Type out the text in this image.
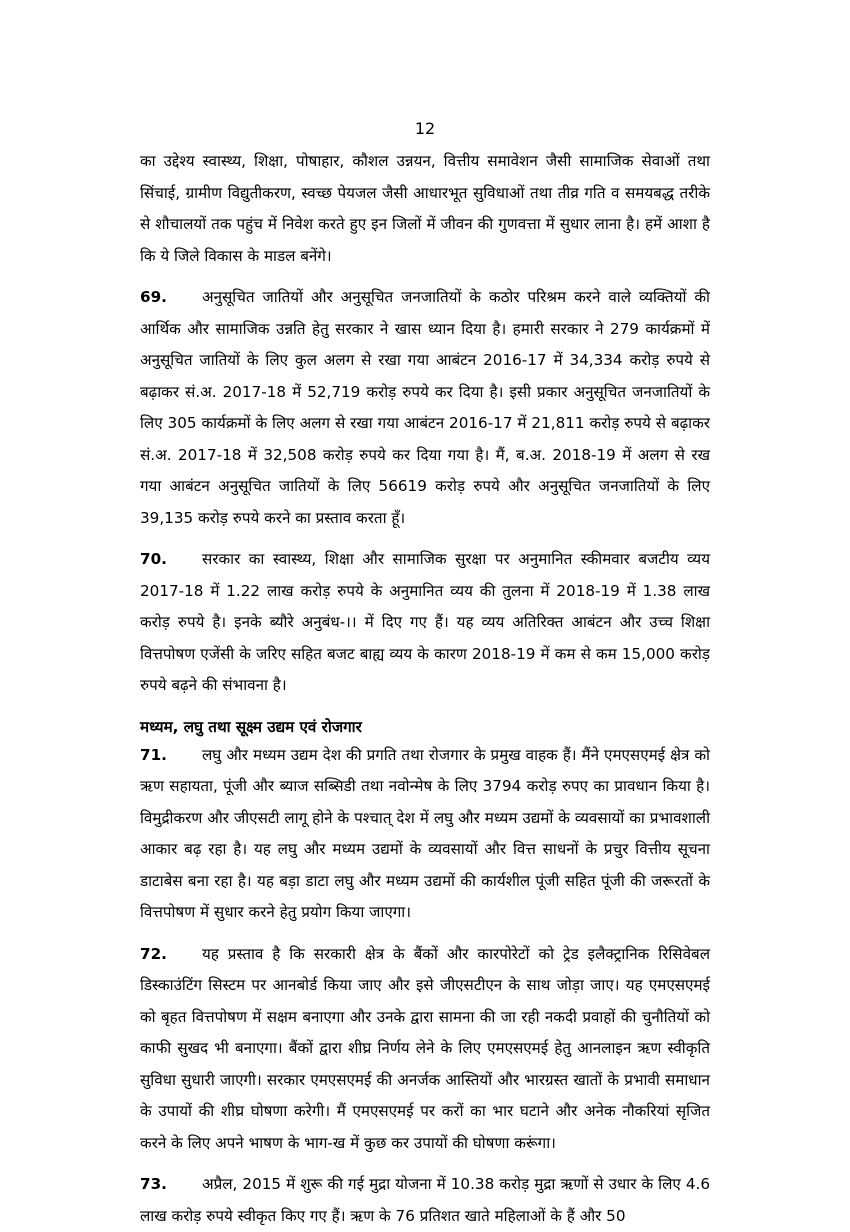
12

का उद्देश्य स्वास्थ्य, शिक्षा, पोषाहार, कौशल उन्नयन, वित्तीय समावेशन जैसी सामाजिक सेवाओं तथा सिंचाई, ग्रामीण विद्युतीकरण, स्वच्छ पेयजल जैसी आधारभूत सुविधाओं तथा तीव्र गति व समयबद्ध तरीके से शौचालयों तक पहुंच में निवेश करते हुए इन जिलों में जीवन की गुणवत्ता में सुधार लाना है। हमें आशा है कि ये जिले विकास के माडल बनेंगे।

69. अनुसूचित जातियों और अनुसूचित जनजातियों के कठोर परिश्रम करने वाले व्यक्तियों की आर्थिक और सामाजिक उन्नति हेतु सरकार ने खास ध्यान दिया है। हमारी सरकार ने 279 कार्यक्रमों में अनुसूचित जातियों के लिए कुल अलग से रखा गया आबंटन 2016-17 में 34,334 करोड़ रुपये से बढ़ाकर सं.अ. 2017-18 में 52,719 करोड़ रुपये कर दिया है। इसी प्रकार अनुसूचित जनजातियों के लिए 305 कार्यक्रमों के लिए अलग से रखा गया आबंटन 2016-17 में 21,811 करोड़ रुपये से बढ़ाकर सं.अ. 2017-18 में 32,508 करोड़ रुपये कर दिया गया है। मैं, ब.अ. 2018-19 में अलग से रख गया आबंटन अनुसूचित जातियों के लिए 56619 करोड़ रुपये और अनुसूचित जनजातियों के लिए 39,135 करोड़ रुपये करने का प्रस्ताव करता हूँ।

70. सरकार का स्वास्थ्य, शिक्षा और सामाजिक सुरक्षा पर अनुमानित स्कीमवार बजटीय व्यय 2017-18 में 1.22 लाख करोड़ रुपये के अनुमानित व्यय की तुलना में 2018-19 में 1.38 लाख करोड़ रुपये है। इनके ब्यौरे अनुबंध-।। में दिए गए हैं। यह व्यय अतिरिक्त आबंटन और उच्च शिक्षा वित्तपोषण एजेंसी के जरिए सहित बजट बाह्य व्यय के कारण 2018-19 में कम से कम 15,000 करोड़ रुपये बढ़ने की संभावना है।

मध्यम, लघु तथा सूक्ष्म उद्यम एवं रोजगार

71. लघु और मध्यम उद्यम देश की प्रगति तथा रोजगार के प्रमुख वाहक हैं। मैंने एमएसएमई क्षेत्र को ऋण सहायता, पूंजी और ब्याज सब्सिडी तथा नवोन्मेष के लिए 3794 करोड़ रुपए का प्रावधान किया है। विमुद्रीकरण और जीएसटी लागू होने के पश्चात् देश में लघु और मध्यम उद्यमों के व्यवसायों का प्रभावशाली आकार बढ़ रहा है। यह लघु और मध्यम उद्यमों के व्यवसायों और वित्त साधनों के प्रचुर वित्तीय सूचना डाटाबेस बना रहा है। यह बड़ा डाटा लघु और मध्यम उद्यमों की कार्यशील पूंजी सहित पूंजी की जरूरतों के वित्तपोषण में सुधार करने हेतु प्रयोग किया जाएगा।

72. यह प्रस्ताव है कि सरकारी क्षेत्र के बैंकों और कारपोरेटों को ट्रेड इलैक्ट्रानिक रिसिवेबल डिस्काउंटिंग सिस्टम पर आनबोर्ड किया जाए और इसे जीएसटीएन के साथ जोड़ा जाए। यह एमएसएमई को बृहत वित्तपोषण में सक्षम बनाएगा और उनके द्वारा सामना की जा रही नकदी प्रवाहों की चुनौतियों को काफी सुखद भी बनाएगा। बैंकों द्वारा शीघ्र निर्णय लेने के लिए एमएसएमई हेतु आनलाइन ऋण स्वीकृति सुविधा सुधारी जाएगी। सरकार एमएसएमई की अनर्जक आस्तियों और भारग्रस्त खातों के प्रभावी समाधान के उपायों की शीघ्र घोषणा करेगी। मैं एमएसएमई पर करों का भार घटाने और अनेक नौकरियां सृजित करने के लिए अपने भाषण के भाग-ख में कुछ कर उपायों की घोषणा करूंगा।

73. अप्रैल, 2015 में शुरू की गई मुद्रा योजना में 10.38 करोड़ मुद्रा ऋणों से उधार के लिए 4.6 लाख करोड़ रुपये स्वीकृत किए गए हैं। ऋण के 76 प्रतिशत खाते महिलाओं के हैं और 50
